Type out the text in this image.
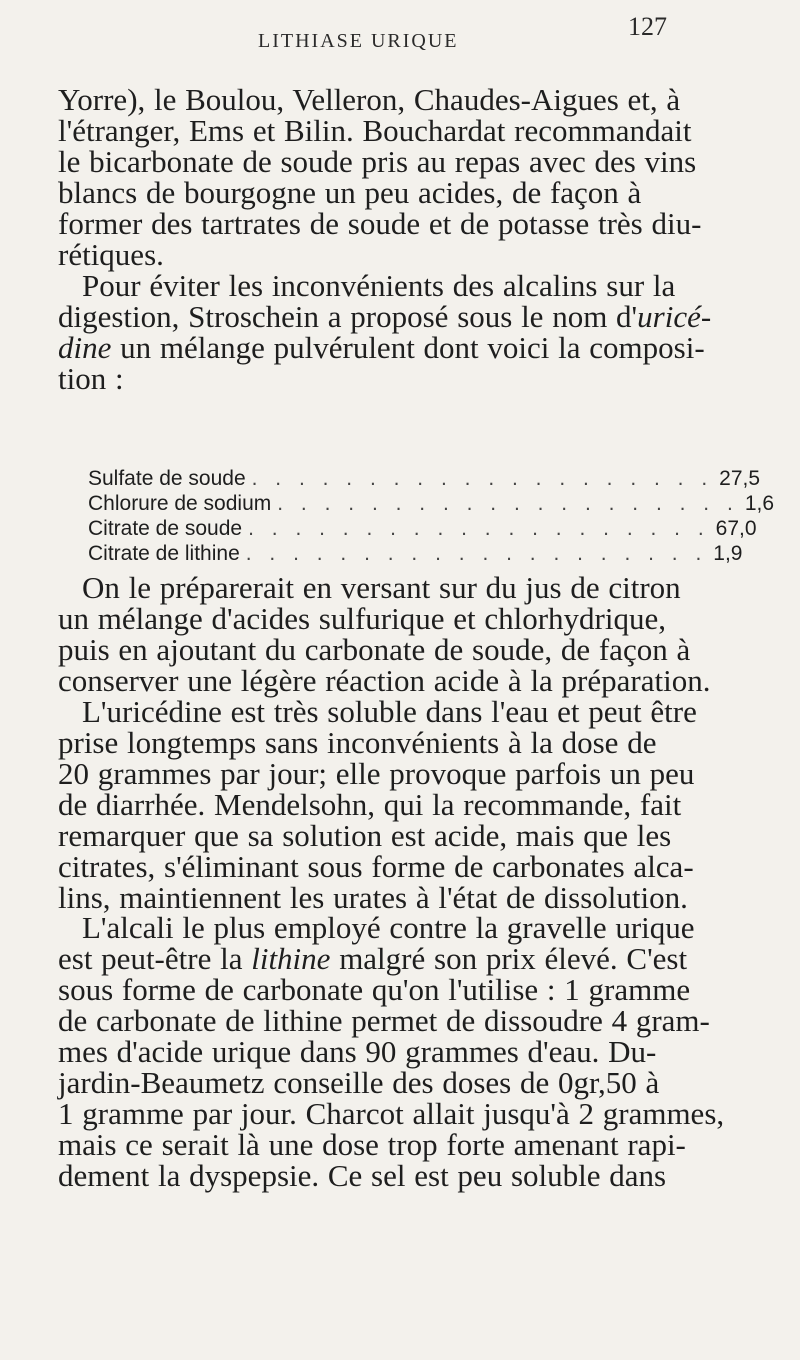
LITHIASE URIQUE	127
Yorre), le Boulou, Velleron, Chaudes-Aigues et, à
l'étranger, Ems et Bilin. Bouchardat recommandait
le bicarbonate de soude pris au repas avec des vins
blancs de bourgogne un peu acides, de façon à
former des tartrates de soude et de potasse très diu-
rétiques.
Pour éviter les inconvénients des alcalins sur la
digestion, Stroschein a proposé sous le nom d'uricé-
dine un mélange pulvérulent dont voici la composi-
tion :
Sulfate de soude . . . . . . . . . . . . . . . . . . . . 27,5
Chlorure de sodium . . . . . . . . . . . . . . . . . . . . 1,6
Citrate de soude . . . . . . . . . . . . . . . . . . . . 67,0
Citrate de lithine . . . . . . . . . . . . . . . . . . . . 1,9
On le préparerait en versant sur du jus de citron
un mélange d'acides sulfurique et chlorhydrique,
puis en ajoutant du carbonate de soude, de façon à
conserver une légère réaction acide à la préparation.
L'uricédine est très soluble dans l'eau et peut être
prise longtemps sans inconvénients à la dose de
20 grammes par jour; elle provoque parfois un peu
de diarrhée. Mendelsohn, qui la recommande, fait
remarquer que sa solution est acide, mais que les
citrates, s'éliminant sous forme de carbonates alca-
lins, maintiennent les urates à l'état de dissolution.
L'alcali le plus employé contre la gravelle urique
est peut-être la lithine malgré son prix élevé. C'est
sous forme de carbonate qu'on l'utilise : 1 gramme
de carbonate de lithine permet de dissoudre 4 gram-
mes d'acide urique dans 90 grammes d'eau. Du-
jardin-Beaumetz conseille des doses de 0gr,50 à
1 gramme par jour. Charcot allait jusqu'à 2 grammes,
mais ce serait là une dose trop forte amenant rapi-
dement la dyspepsie. Ce sel est peu soluble dans
